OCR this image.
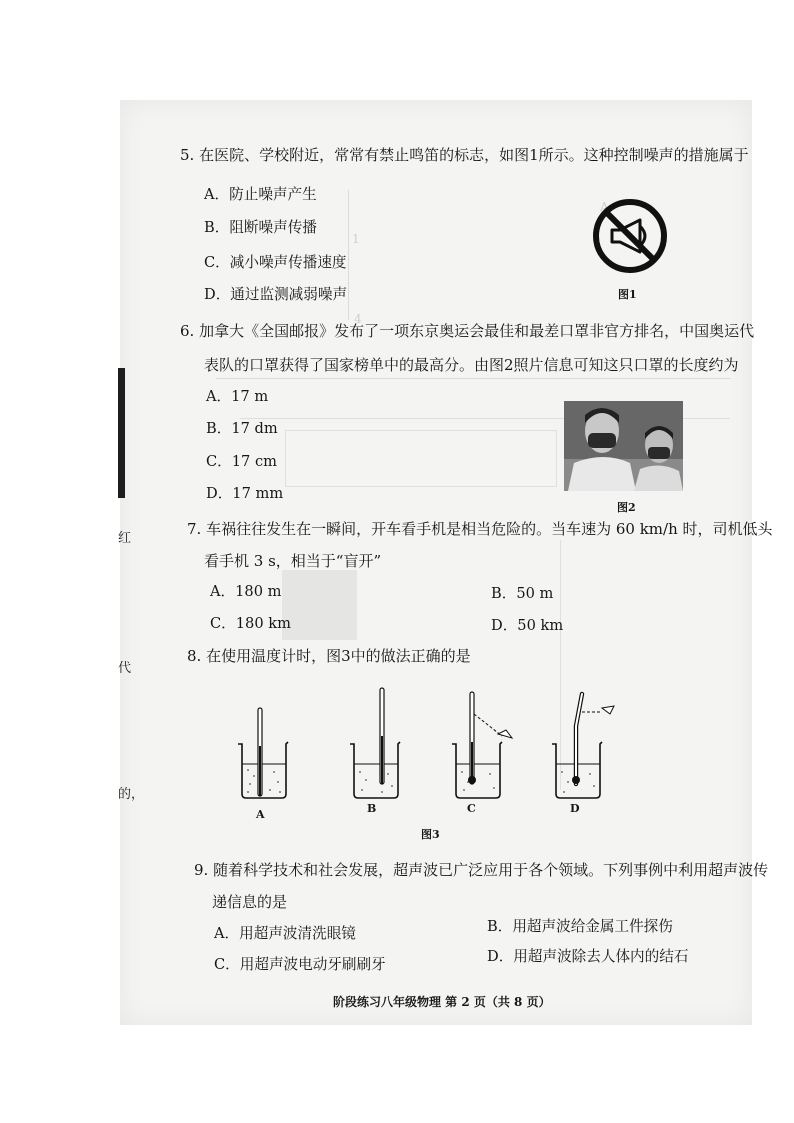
A．
1
4
红
代
的，
5. 在医院、学校附近，常常有禁止鸣笛的标志，如图1所示。这种控制噪声的措施属于
A．防止噪声产生
B．阻断噪声传播
C．减小噪声传播速度
D．通过监测减弱噪声	图1
6. 加拿大《全国邮报》发布了一项东京奥运会最佳和最差口罩非官方排名，中国奥运代
表队的口罩获得了国家榜单中的最高分。由图2照片信息可知这只口罩的长度约为
A．17 m
B．17 dm
C．17 cm
D．17 mm
图2
7. 车祸往往发生在一瞬间，开车看手机是相当危险的。当车速为 60 km/h 时，司机低头
看手机 3 s，相当于“盲开”
A．180 m	B．50 m
C．180 km	D．50 km
8. 在使用温度计时，图3中的做法正确的是
A	B	C	D
图3
9. 随着科学技术和社会发展，超声波已广泛应用于各个领域。下列事例中利用超声波传
递信息的是
A．用超声波清洗眼镜	B．用超声波给金属工件探伤
C．用超声波电动牙刷刷牙	D．用超声波除去人体内的结石
阶段练习八年级物理 第 2 页（共 8 页）
